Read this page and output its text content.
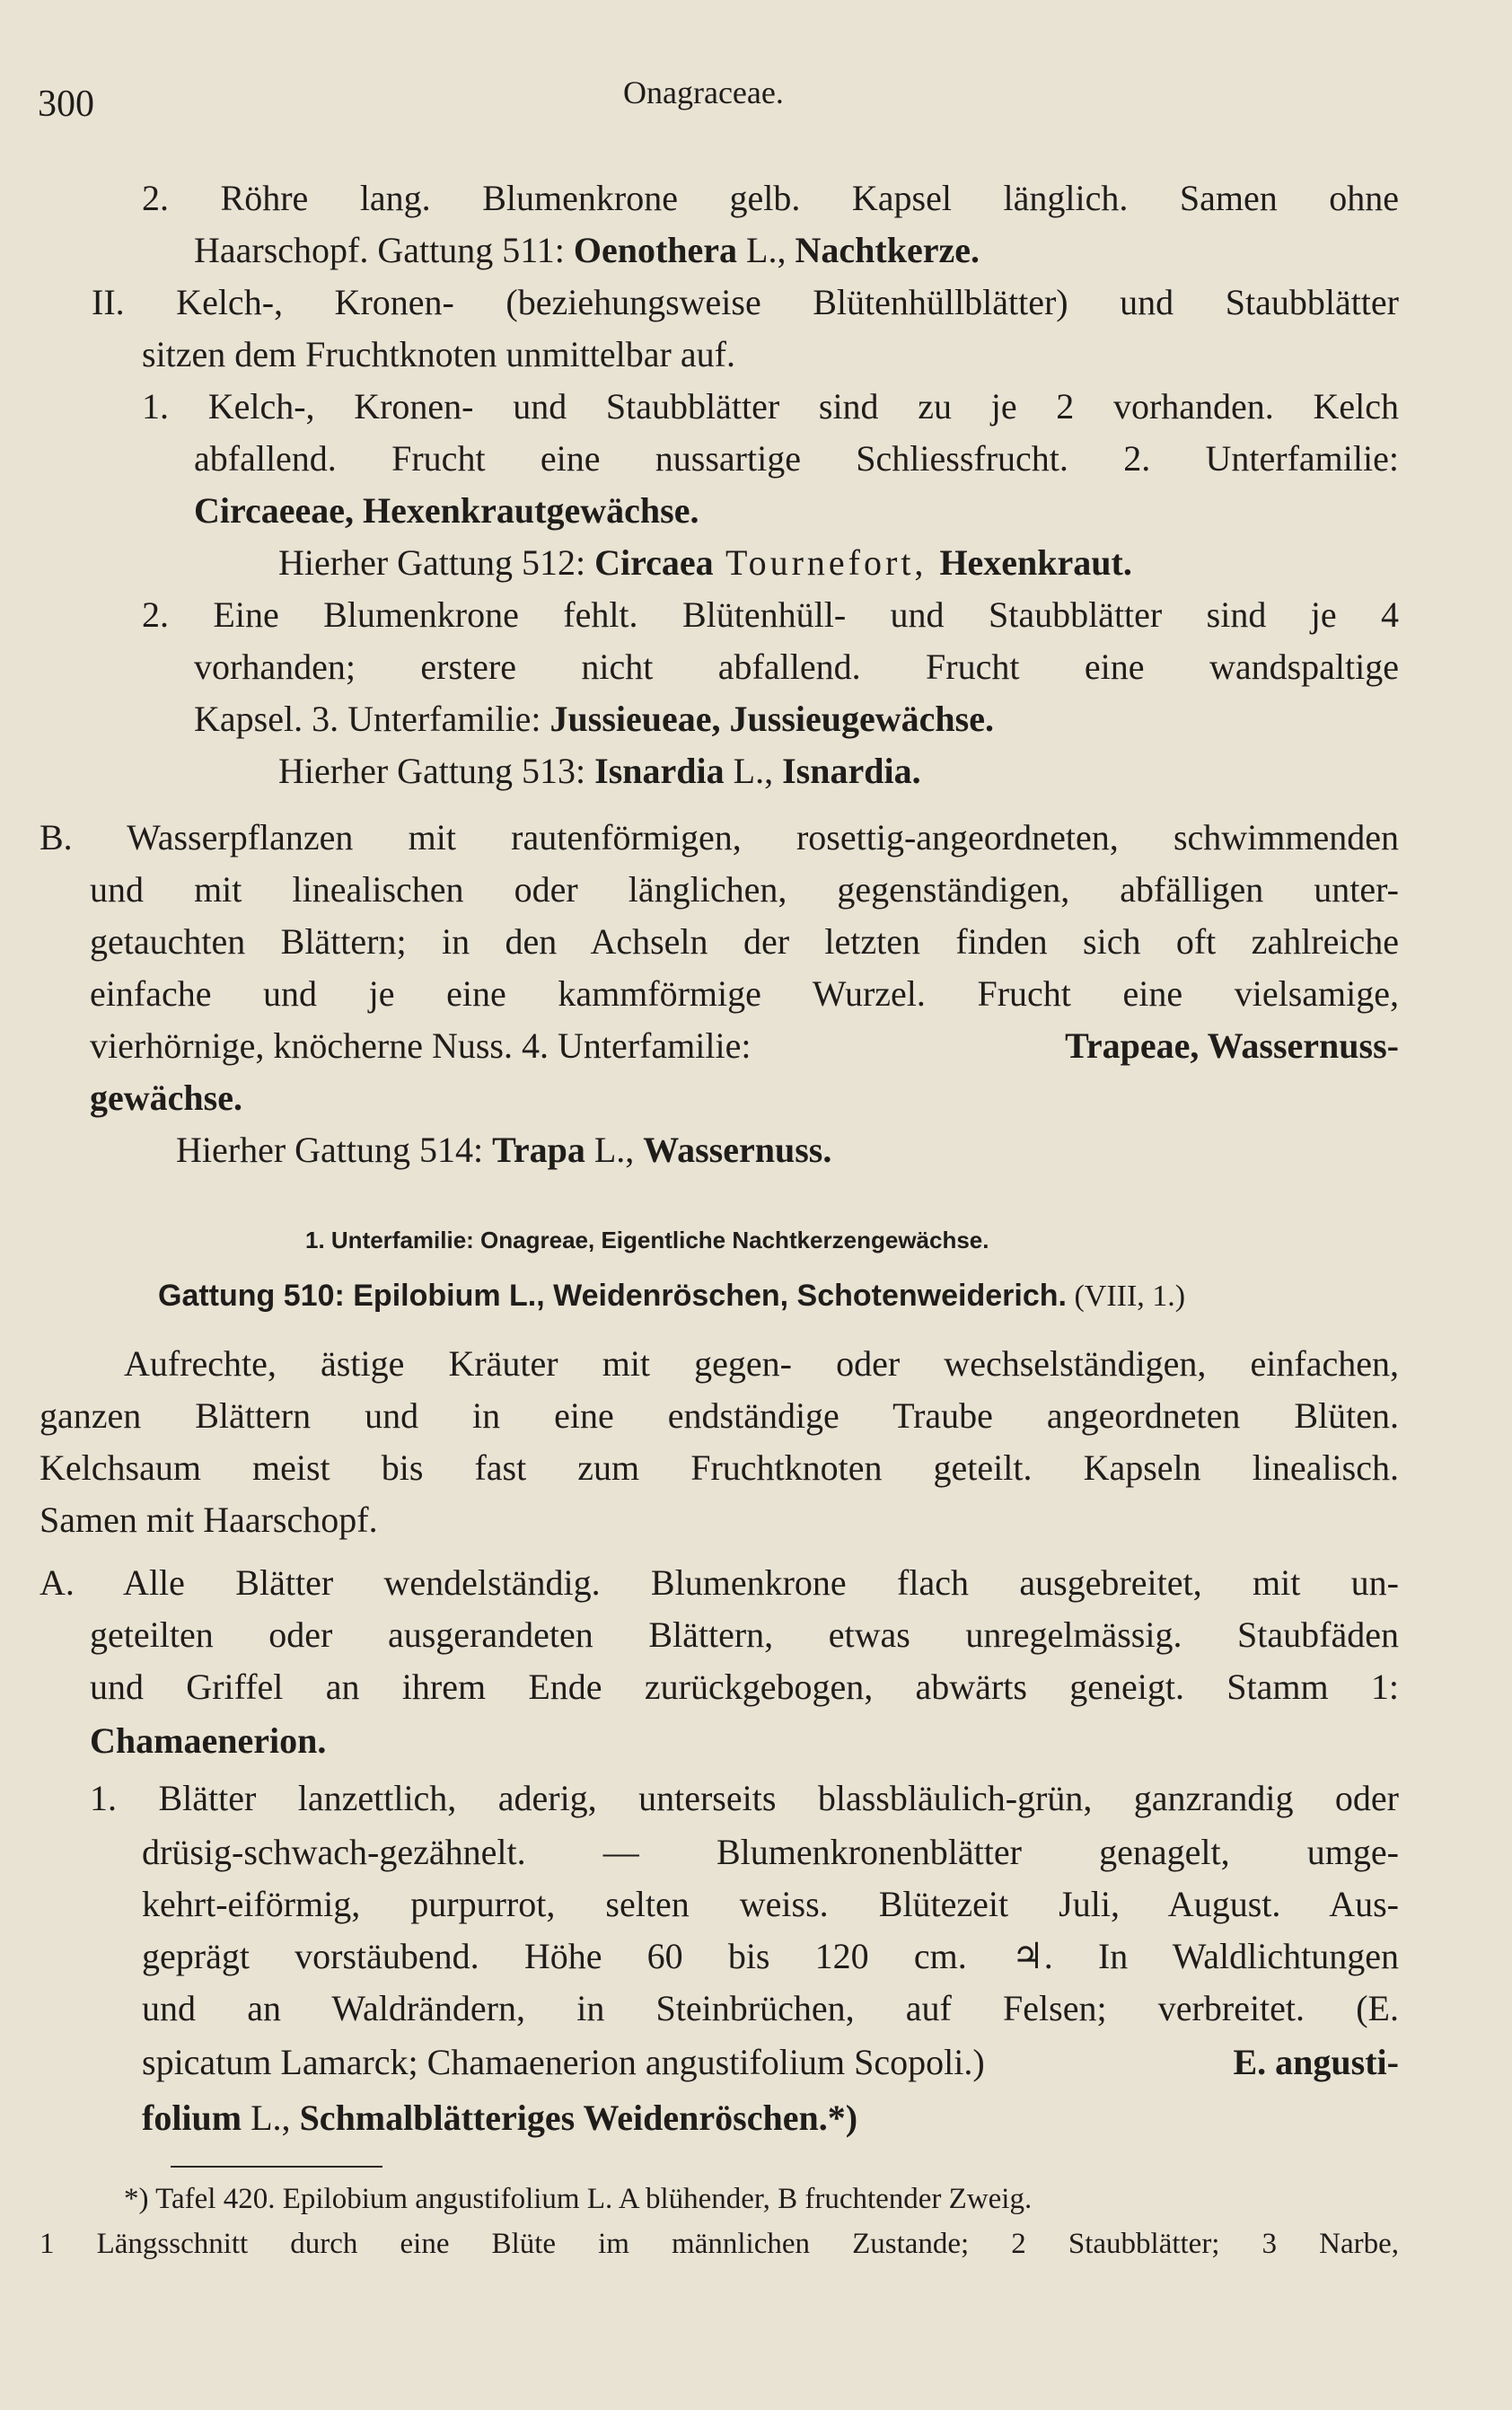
300	Onagraceae.
2. Röhre lang. Blumenkrone gelb. Kapsel länglich. Samen ohne
Haarschopf. Gattung 511: Oenothera L., Nachtkerze.
II. Kelch-, Kronen- (beziehungsweise Blütenhüllblätter) und Staubblätter
sitzen dem Fruchtknoten unmittelbar auf.
1. Kelch-, Kronen- und Staubblätter sind zu je 2 vorhanden. Kelch
abfallend. Frucht eine nussartige Schliessfrucht. 2. Unterfamilie:
Circaeeae, Hexenkrautgewächse.
Hierher Gattung 512: Circaea Tournefort, Hexenkraut.
2. Eine Blumenkrone fehlt. Blütenhüll- und Staubblätter sind je 4
vorhanden; erstere nicht abfallend. Frucht eine wandspaltige
Kapsel. 3. Unterfamilie: Jussieueae, Jussieugewächse.
Hierher Gattung 513: Isnardia L., Isnardia.
B. Wasserpflanzen mit rautenförmigen, rosettig-angeordneten, schwimmenden
und mit linealischen oder länglichen, gegenständigen, abfälligen unter-
getauchten Blättern; in den Achseln der letzten finden sich oft zahlreiche
einfache und je eine kammförmige Wurzel. Frucht eine vielsamige,
vierhörnige, knöcherne Nuss. 4. Unterfamilie:	Trapeae, Wassernuss-
gewächse.
Hierher Gattung 514: Trapa L., Wassernuss.
1. Unterfamilie: Onagreae, Eigentliche Nachtkerzengewächse.
Gattung 510: Epilobium L., Weidenröschen, Schotenweiderich. (VIII, 1.)
Aufrechte, ästige Kräuter mit gegen- oder wechselständigen, einfachen,
ganzen Blättern und in eine endständige Traube angeordneten Blüten.
Kelchsaum meist bis fast zum Fruchtknoten geteilt. Kapseln linealisch.
Samen mit Haarschopf.
A. Alle Blätter wendelständig. Blumenkrone flach ausgebreitet, mit un-
geteilten oder ausgerandeten Blättern, etwas unregelmässig. Staubfäden
und Griffel an ihrem Ende zurückgebogen, abwärts geneigt. Stamm 1:
Chamaenerion.
1. Blätter lanzettlich, aderig, unterseits blassbläulich-grün, ganzrandig oder
drüsig-schwach-gezähnelt. — Blumenkronenblätter genagelt, umge-
kehrt-eiförmig, purpurrot, selten weiss. Blütezeit Juli, August. Aus-
geprägt vorstäubend. Höhe 60 bis 120 cm. ♃. In Waldlichtungen
und an Waldrändern, in Steinbrüchen, auf Felsen; verbreitet. (E.
spicatum Lamarck; Chamaenerion angustifolium Scopoli.)	E. angusti-
folium L., Schmalblätteriges Weidenröschen.*)
*) Tafel 420. Epilobium angustifolium L. A blühender, B fruchtender Zweig.
1 Längsschnitt durch eine Blüte im männlichen Zustande; 2 Staubblätter; 3 Narbe,
